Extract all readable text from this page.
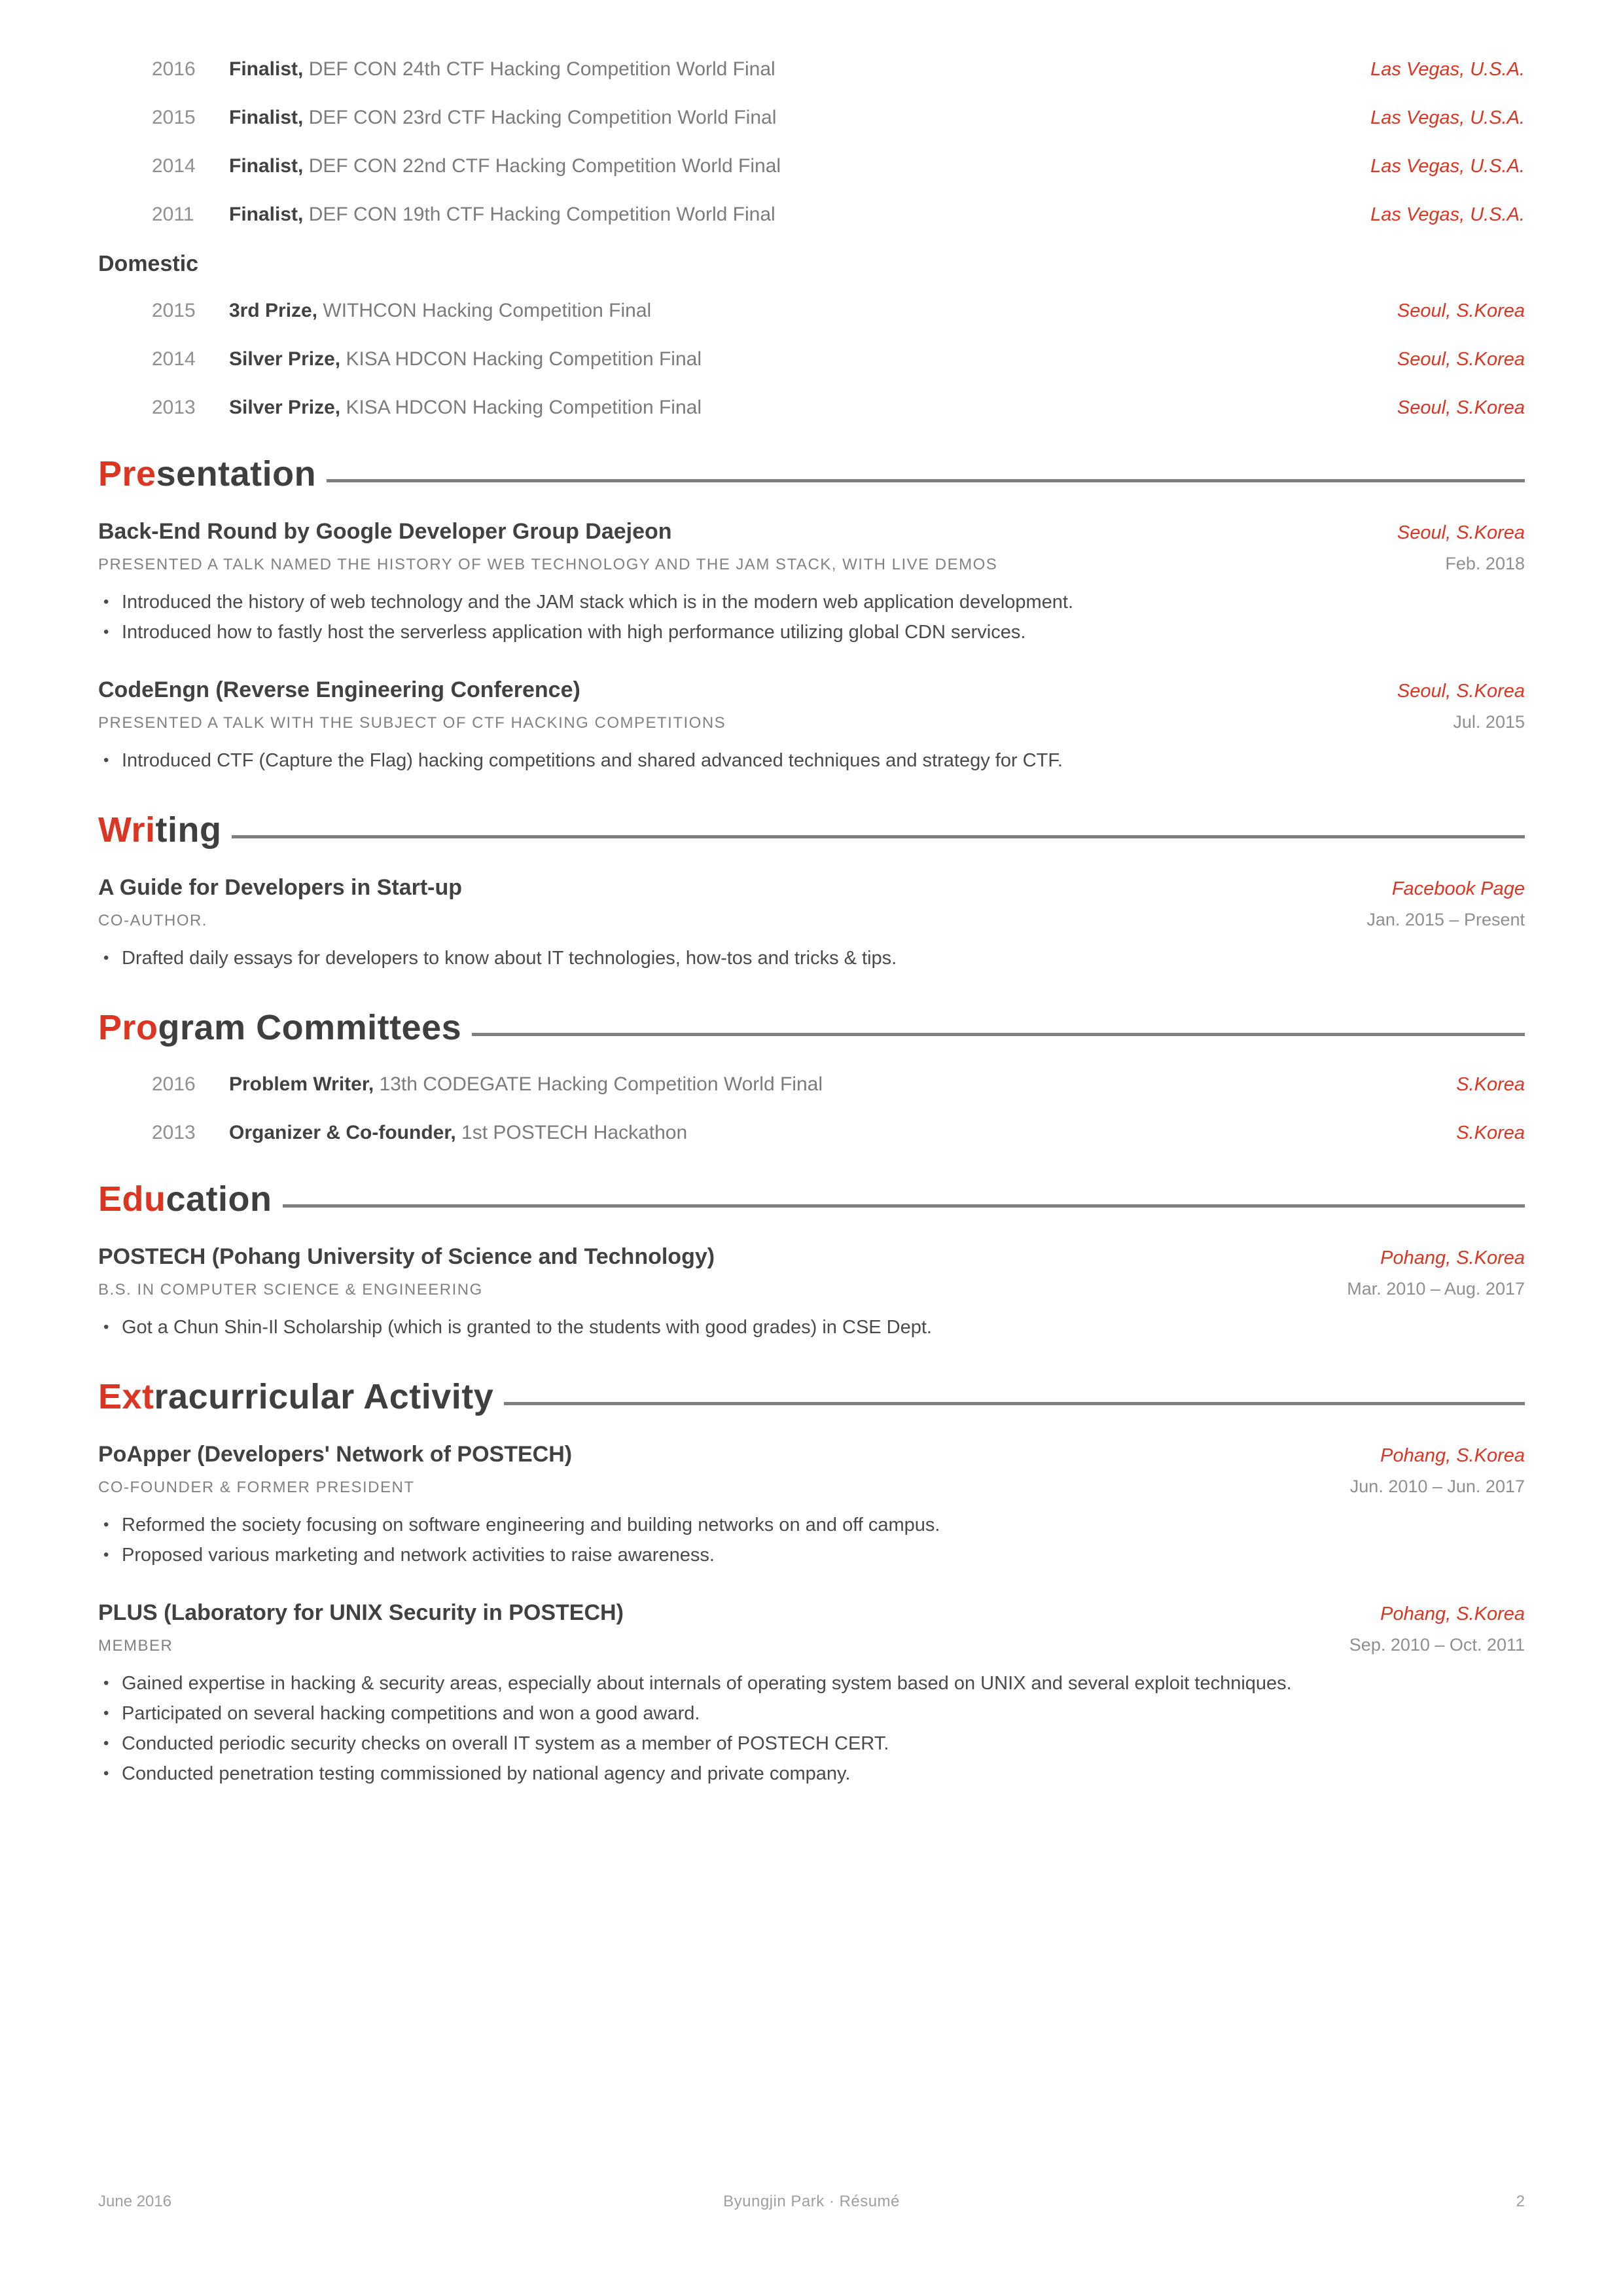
2016	Finalist, DEF CON 24th CTF Hacking Competition World Final	Las Vegas, U.S.A.
2015	Finalist, DEF CON 23rd CTF Hacking Competition World Final	Las Vegas, U.S.A.
2014	Finalist, DEF CON 22nd CTF Hacking Competition World Final	Las Vegas, U.S.A.
2011	Finalist, DEF CON 19th CTF Hacking Competition World Final	Las Vegas, U.S.A.
Domestic
2015	3rd Prize, WITHCON Hacking Competition Final	Seoul, S.Korea
2014	Silver Prize, KISA HDCON Hacking Competition Final	Seoul, S.Korea
2013	Silver Prize, KISA HDCON Hacking Competition Final	Seoul, S.Korea
Pre sentation
Back-End Round by Google Developer Group Daejeon	Seoul, S.Korea
PRESENTED A TALK NAMED THE HISTORY OF WEB TECHNOLOGY AND THE JAM STACK, WITH LIVE DEMOS	Feb. 2018
• Introduced the history of web technology and the JAM stack which is in the modern web application development.
• Introduced how to fastly host the serverless application with high performance utilizing global CDN services.
CodeEngn (Reverse Engineering Conference)	Seoul, S.Korea
PRESENTED A TALK WITH THE SUBJECT OF CTF HACKING COMPETITIONS	Jul. 2015
• Introduced CTF (Capture the Flag) hacking competitions and shared advanced techniques and strategy for CTF.
Wri ting
A Guide for Developers in Start-up	Facebook Page
CO-AUTHOR.	Jan. 2015 – Present
• Drafted daily essays for developers to know about IT technologies, how-tos and tricks & tips.
Pro gram Committees
2016	Problem Writer, 13th CODEGATE Hacking Competition World Final	S.Korea
2013	Organizer & Co-founder, 1st POSTECH Hackathon	S.Korea
Edu cation
POSTECH (Pohang University of Science and Technology)	Pohang, S.Korea
B.S. IN COMPUTER SCIENCE & ENGINEERING	Mar. 2010 – Aug. 2017
• Got a Chun Shin-Il Scholarship (which is granted to the students with good grades) in CSE Dept.
Ext racurricular Activity
PoApper (Developers' Network of POSTECH)	Pohang, S.Korea
CO-FOUNDER & FORMER PRESIDENT	Jun. 2010 – Jun. 2017
• Reformed the society focusing on software engineering and building networks on and off campus.
• Proposed various marketing and network activities to raise awareness.
PLUS (Laboratory for UNIX Security in POSTECH)	Pohang, S.Korea
MEMBER	Sep. 2010 – Oct. 2011
• Gained expertise in hacking & security areas, especially about internals of operating system based on UNIX and several exploit techniques.
• Participated on several hacking competitions and won a good award.
• Conducted periodic security checks on overall IT system as a member of POSTECH CERT.
• Conducted penetration testing commissioned by national agency and private company.
June 2016	Byungjin Park · Résumé	2
